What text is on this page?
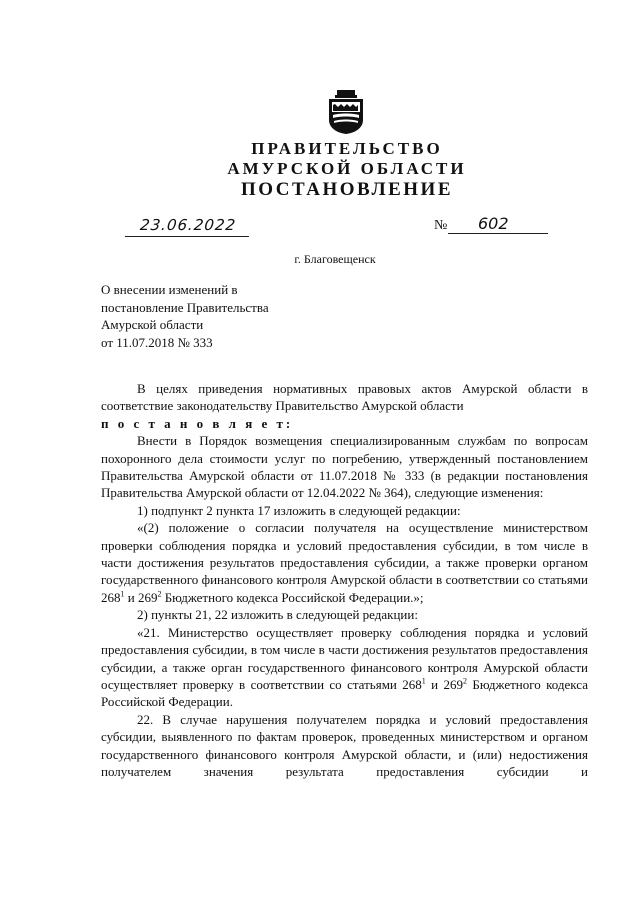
ПРАВИТЕЛЬСТВО
АМУРСКОЙ ОБЛАСТИ
ПОСТАНОВЛЕНИЕ
23.06.2022	№	602
г. Благовещенск
О внесении изменений в
постановление Правительства
Амурской области
от 11.07.2018 № 333

В целях приведения нормативных правовых актов Амурской области в соответствие законодательству Правительство Амурской области

п о с т а н о в л я е т:

Внести в Порядок возмещения специализированным службам по вопросам похоронного дела стоимости услуг по погребению, утвержденный постановлением Правительства Амурской области от 11.07.2018 № 333 (в редакции постановления Правительства Амурской области от 12.04.2022 № 364), следующие изменения:

1) подпункт 2 пункта 17 изложить в следующей редакции:

«(2) положение о согласии получателя на осуществление министерством проверки соблюдения порядка и условий предоставления субсидии, в том числе в части достижения результатов предоставления субсидии, а также проверки органом государственного финансового контроля Амурской области в соответствии со статьями $268^1$ и $269^2$ Бюджетного кодекса Российской Федерации.»;

2) пункты 21, 22 изложить в следующей редакции:

«21. Министерство осуществляет проверку соблюдения порядка и условий предоставления субсидии, в том числе в части достижения результатов предоставления субсидии, а также орган государственного финансового контроля Амурской области осуществляет проверку в соответствии со статьями $268^1$ и $269^2$ Бюджетного кодекса Российской Федерации.

22. В случае нарушения получателем порядка и условий предоставления субсидии, выявленного по фактам проверок, проведенных министерством и органом государственного финансового контроля Амурской области, и (или) недостижения получателем значения результата предоставления субсидии и
